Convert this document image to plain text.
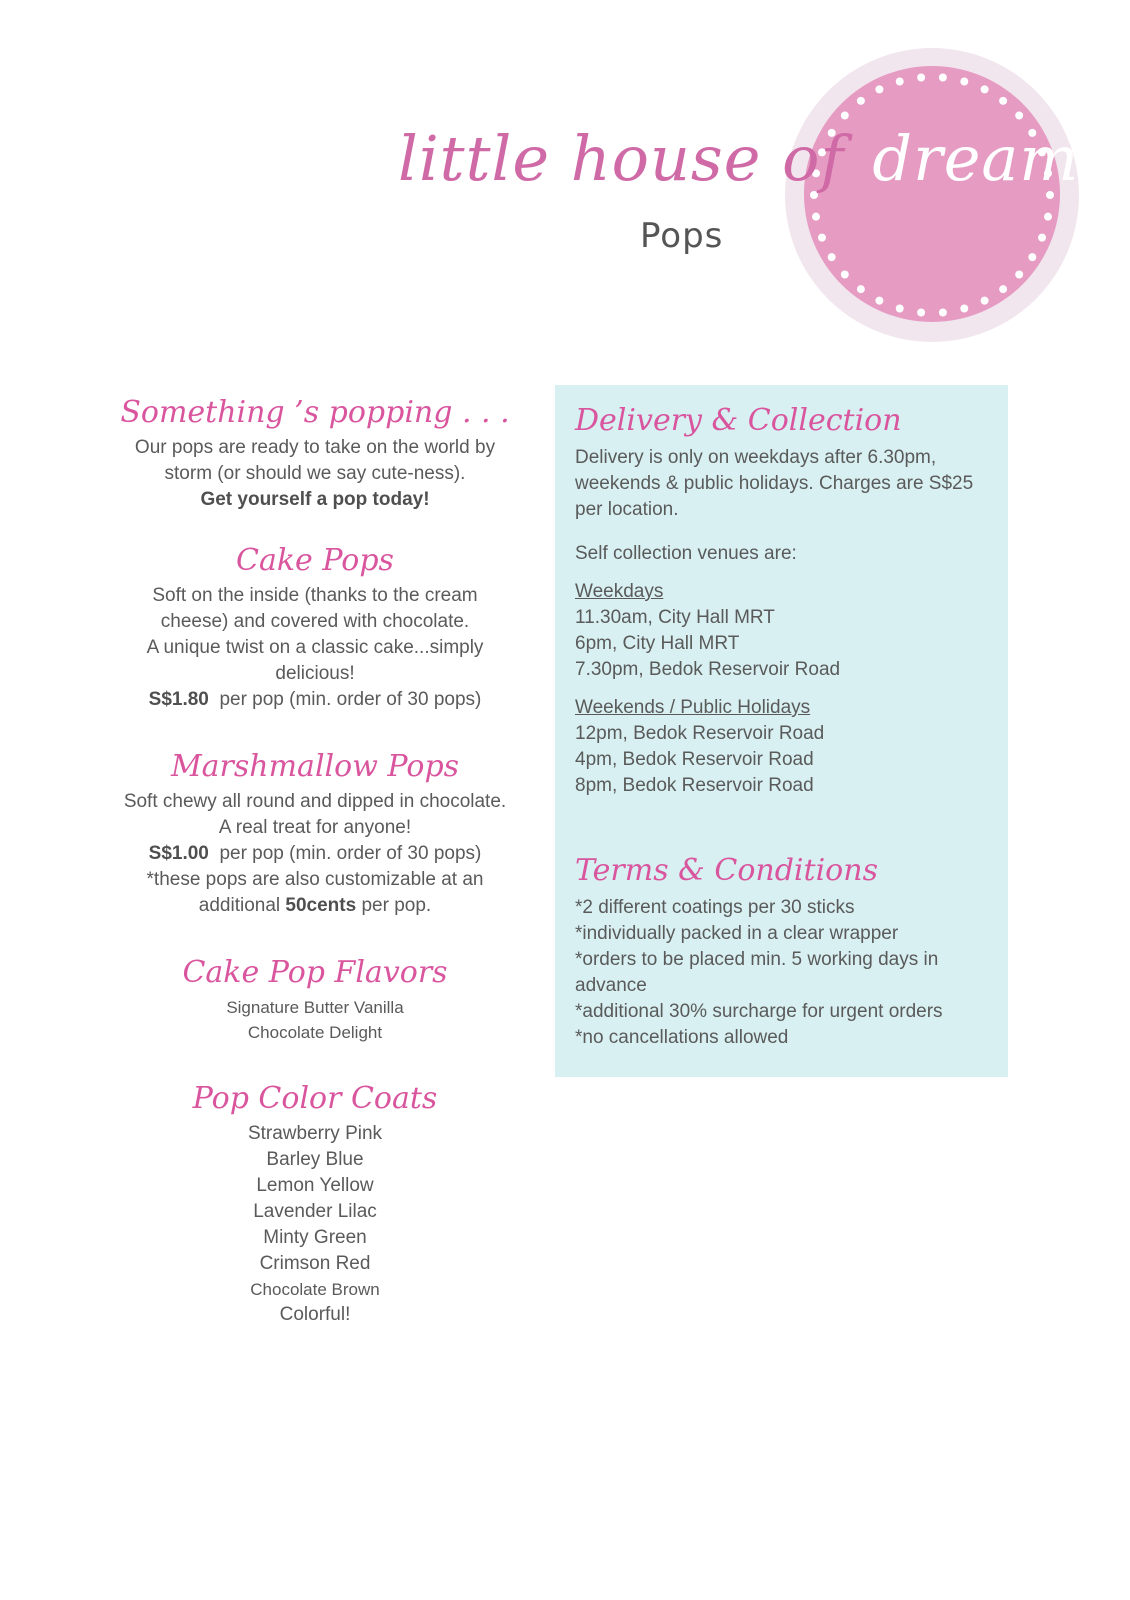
little house of dreams
Pops
Something ’s popping . . .

Our pops are ready to take on the world by

storm (or should we say cute-ness).

Get yourself a pop today!

Cake Pops

Soft on the inside (thanks to the cream

cheese) and covered with chocolate.

A unique twist on a classic cake...simply

delicious!

S$1.80 per pop (min. order of 30 pops)

Marshmallow Pops

Soft chewy all round and dipped in chocolate.

A real treat for anyone!

S$1.00 per pop (min. order of 30 pops)

*these pops are also customizable at an

additional 50cents per pop.

Cake Pop Flavors

Signature Butter Vanilla

Chocolate Delight

Pop Color Coats

Strawberry Pink

Barley Blue

Lemon Yellow

Lavender Lilac

Minty Green

Crimson Red

Chocolate Brown

Colorful!

Delivery & Collection

Delivery is only on weekdays after 6.30pm,

weekends & public holidays. Charges are S$25

per location.

Self collection venues are:

Weekdays

11.30am, City Hall MRT

6pm, City Hall MRT

7.30pm, Bedok Reservoir Road

Weekends / Public Holidays

12pm, Bedok Reservoir Road

4pm, Bedok Reservoir Road

8pm, Bedok Reservoir Road

Terms & Conditions

*2 different coatings per 30 sticks

*individually packed in a clear wrapper

*orders to be placed min. 5 working days in

advance

*additional 30% surcharge for urgent orders

*no cancellations allowed
